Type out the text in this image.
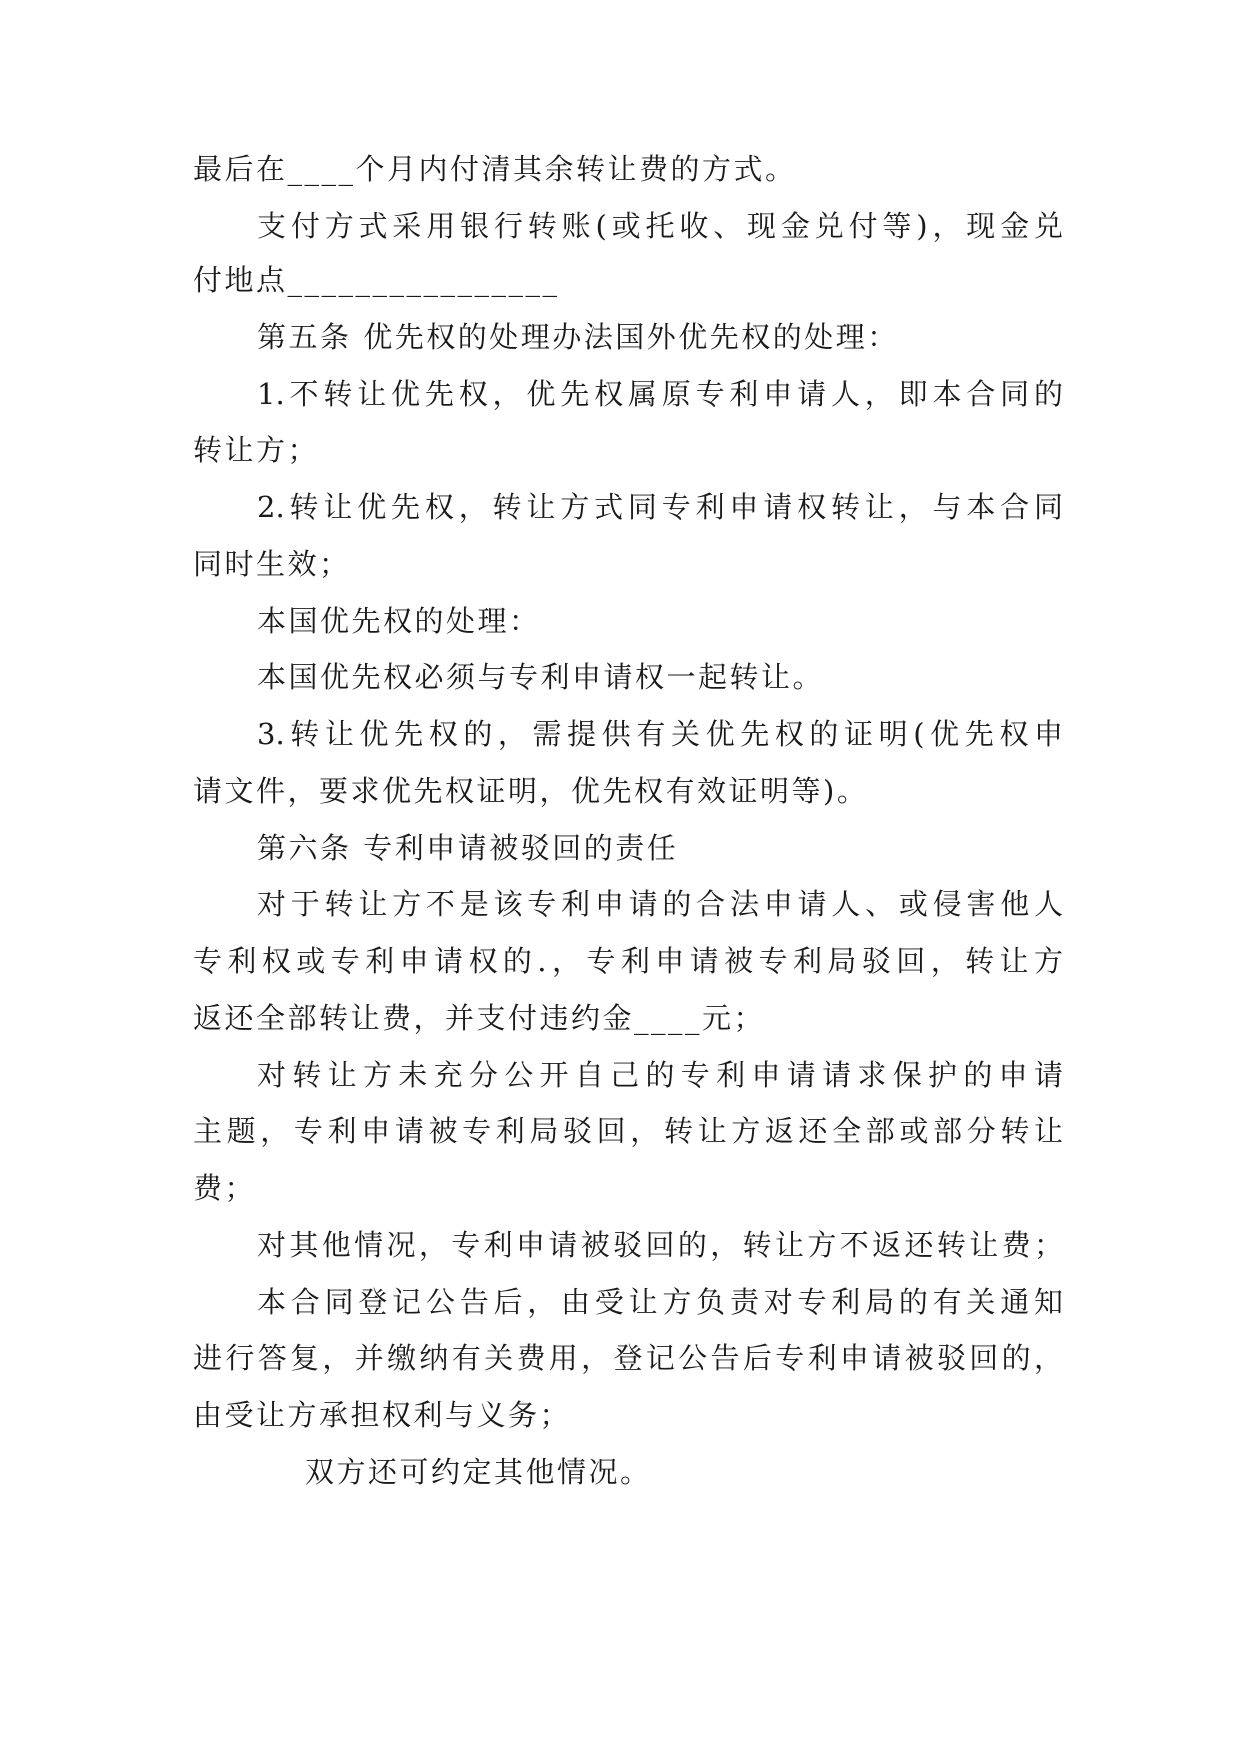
最后在____个月内付清其余转让费的方式。
支付方式采用银行转账(或托收、现金兑付等)，现金兑
付地点________________
第五条 优先权的处理办法国外优先权的处理：
1.不转让优先权，优先权属原专利申请人，即本合同的
转让方；
2.转让优先权，转让方式同专利申请权转让，与本合同
同时生效；
本国优先权的处理：
本国优先权必须与专利申请权一起转让。
3.转让优先权的，需提供有关优先权的证明(优先权申
请文件，要求优先权证明，优先权有效证明等)。
第六条 专利申请被驳回的责任
对于转让方不是该专利申请的合法申请人、或侵害他人
专利权或专利申请权的.，专利申请被专利局驳回，转让方
返还全部转让费，并支付违约金____元；
对转让方未充分公开自己的专利申请请求保护的申请
主题，专利申请被专利局驳回，转让方返还全部或部分转让
费；
对其他情况，专利申请被驳回的，转让方不返还转让费；
本合同登记公告后，由受让方负责对专利局的有关通知
进行答复，并缴纳有关费用，登记公告后专利申请被驳回的，
由受让方承担权利与义务；
双方还可约定其他情况。
